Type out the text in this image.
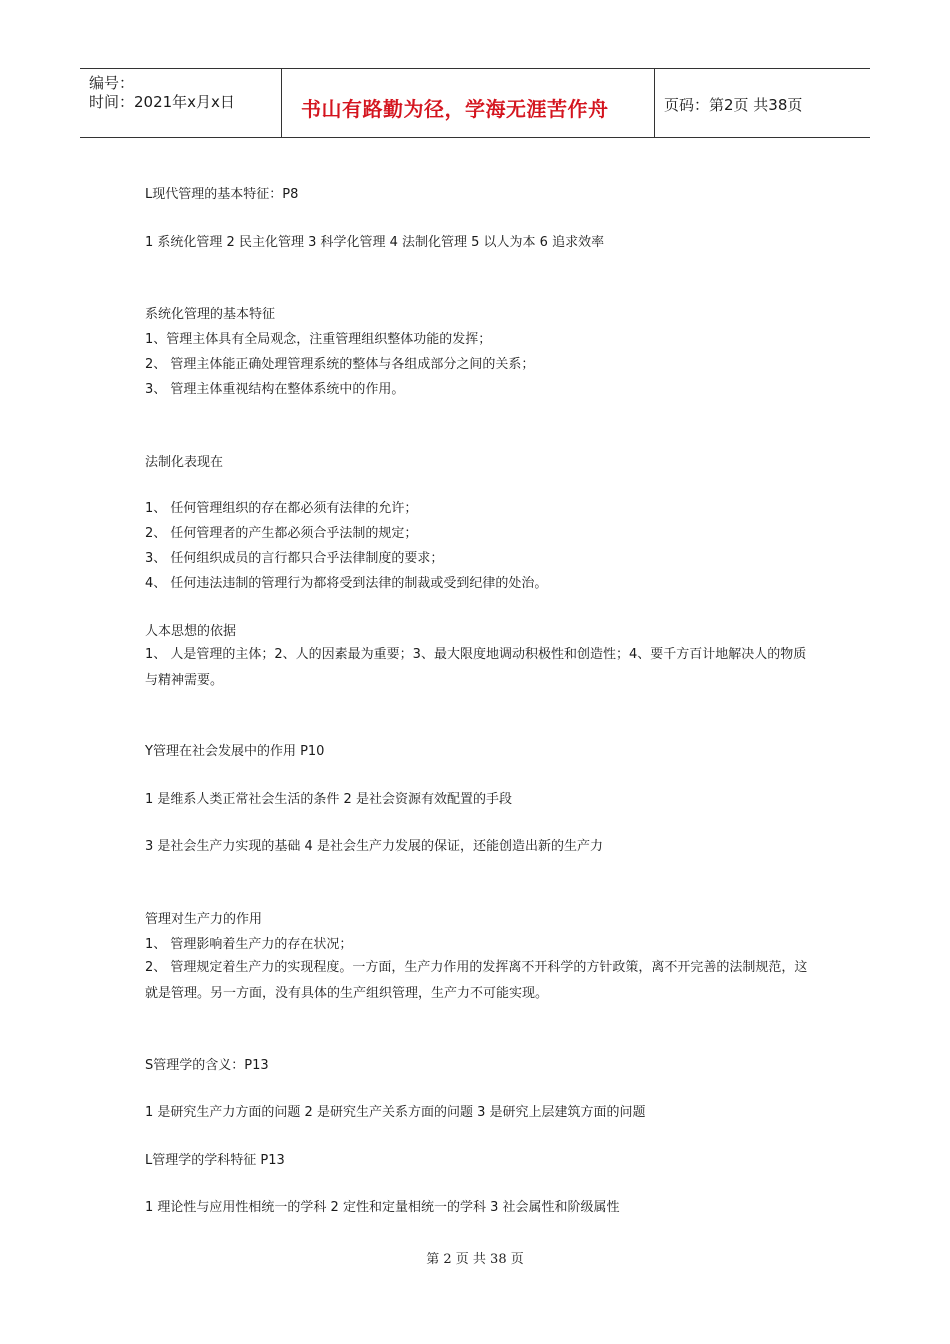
编号：
时间：2021年x月x日	书山有路勤为径，学海无涯苦作舟	页码：第2页 共38页
L现代管理的基本特征：P8
1 系统化管理 2 民主化管理 3 科学化管理 4 法制化管理 5 以人为本 6 追求效率
系统化管理的基本特征
1、管理主体具有全局观念，注重管理组织整体功能的发挥；
2、 管理主体能正确处理管理系统的整体与各组成部分之间的关系；
3、 管理主体重视结构在整体系统中的作用。
法制化表现在
1、 任何管理组织的存在都必须有法律的允许；
2、 任何管理者的产生都必须合乎法制的规定；
3、 任何组织成员的言行都只合乎法律制度的要求；
4、 任何违法违制的管理行为都将受到法律的制裁或受到纪律的处治。
人本思想的依据
1、 人是管理的主体；2、人的因素最为重要；3、最大限度地调动积极性和创造性；4、要千方百计地解决人的物质与精神需要。
Y管理在社会发展中的作用 P10
1 是维系人类正常社会生活的条件 2 是社会资源有效配置的手段
3 是社会生产力实现的基础 4 是社会生产力发展的保证，还能创造出新的生产力
管理对生产力的作用
1、 管理影响着生产力的存在状况；
2、 管理规定着生产力的实现程度。一方面，生产力作用的发挥离不开科学的方针政策，离不开完善的法制规范，这就是管理。另一方面，没有具体的生产组织管理，生产力不可能实现。
S管理学的含义：P13
1 是研究生产力方面的问题 2 是研究生产关系方面的问题 3 是研究上层建筑方面的问题
L管理学的学科特征 P13
1 理论性与应用性相统一的学科 2 定性和定量相统一的学科 3 社会属性和阶级属性
第 2 页 共 38 页
